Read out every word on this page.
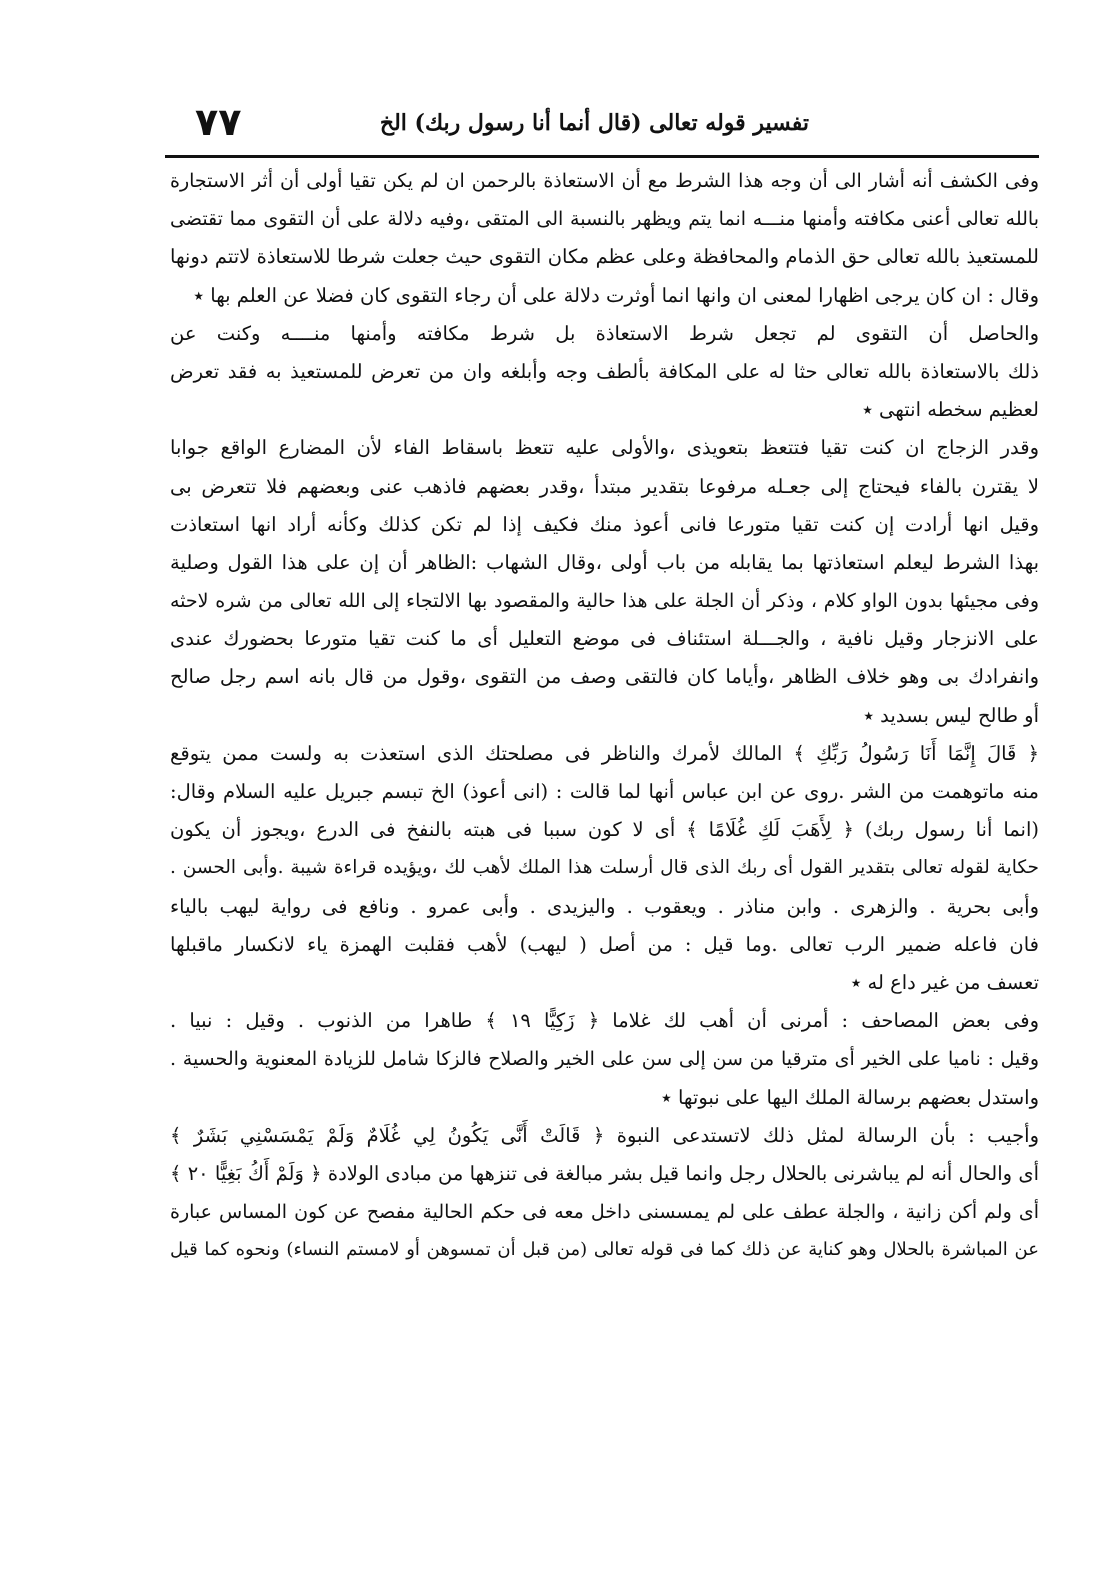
تفسير قوله تعالى (قال أنما أنا رسول ربك) الخ
٧٧
وفى الكشف أنه أشار الى أن وجه هذا الشرط مع أن الاستعاذة بالرحمن ان لم يكن تقيا أولى أن أثر الاستجارة
بالله تعالى أعنى مكافته وأمنها منـــه انما يتم ويظهر بالنسبة الى المتقى ،وفيه دلالة على أن التقوى مما تقتضى
للمستعيذ بالله تعالى حق الذمام والمحافظة وعلى عظم مكان التقوى حيث جعلت شرطا للاستعاذة لاتتم دونها
وقال : ان كان يرجى اظهارا لمعنى ان وانها انما أوثرت دلالة على أن رجاء التقوى كان فضلا عن العلم بها ٭
والحاصل أن التقوى لم تجعل شرط الاستعاذة بل شرط مكافته وأمنها منــــه وكنت عن
ذلك بالاستعاذة بالله تعالى حثا له على المكافة بألطف وجه وأبلغه وان من تعرض للمستعيذ به فقد تعرض
لعظيم سخطه انتهى ٭
وقدر الزجاج ان كنت تقيا فتتعظ بتعويذى ،والأولى عليه تتعظ باسقاط الفاء لأن المضارع الواقع جوابا
لا يقترن بالفاء فيحتاج إلى جعـله مرفوعا بتقدير مبتدأ ،وقدر بعضهم فاذهب عنى وبعضهم فلا تتعرض بى
وقيل انها أرادت إن كنت تقيا متورعا فانى أعوذ منك فكيف إذا لم تكن كذلك وكأنه أراد انها استعاذت
بهذا الشرط ليعلم استعاذتها بما يقابله من باب أولى ،وقال الشهاب :الظاهر أن إن على هذا القول وصلية
وفى مجيئها بدون الواو كلام ، وذكر أن الجلة على هذا حالية والمقصود بها الالتجاء إلى الله تعالى من شره لاحثه
على الانزجار وقيل نافية ، والجـــلة استئناف فى موضع التعليل أى ما كنت تقيا متورعا بحضورك عندى
وانفرادك بى وهو خلاف الظاهر ،وأياما كان فالتقى وصف من التقوى ،وقول من قال بانه اسم رجل صالح
أو طالح ليس بسديد ٭
﴿ قَالَ إِنَّمَا أَنَا رَسُولُ رَبِّكِ ﴾ المالك لأمرك والناظر فى مصلحتك الذى استعذت به ولست ممن يتوقع
منه ماتوهمت من الشر .روى عن ابن عباس أنها لما قالت : (انى أعوذ) الخ تبسم جبريل عليه السلام وقال:
(انما أنا رسول ربك) ﴿ لِأَهَبَ لَكِ غُلَامًا ﴾ أى لا كون سببا فى هبته بالنفخ فى الدرع ،ويجوز أن يكون
حكاية لقوله تعالى بتقدير القول أى ربك الذى قال أرسلت هذا الملك لأهب لك ،ويؤيده قراءة شيبة .وأبى الحسن .
وأبى بحرية . والزهرى . وابن مناذر . ويعقوب . واليزيدى . وأبى عمرو . ونافع فى رواية ليهب بالياء
فان فاعله ضمير الرب تعالى .وما قيل : من أصل ( ليهب) لأهب فقلبت الهمزة ياء لانكسار ماقبلها
تعسف من غير داع له ٭
وفى بعض المصاحف : أمرنى أن أهب لك غلاما ﴿ زَكِيًّا ١٩ ﴾ طاهرا من الذنوب . وقيل : نبيا .
وقيل : ناميا على الخير أى مترقيا من سن إلى سن على الخير والصلاح فالزكا شامل للزيادة المعنوية والحسية .
واستدل بعضهم برسالة الملك اليها على نبوتها ٭
وأجيب : بأن الرسالة لمثل ذلك لاتستدعى النبوة ﴿ قَالَتْ أَنَّى يَكُونُ لِي غُلَامٌ وَلَمْ يَمْسَسْنِي بَشَرٌ ﴾
أى والحال أنه لم يباشرنى بالحلال رجل وانما قيل بشر مبالغة فى تنزهها من مبادى الولادة ﴿ وَلَمْ أَكُ بَغِيًّا ٢٠ ﴾
أى ولم أكن زانية ، والجلة عطف على لم يمسسنى داخل معه فى حكم الحالية مفصح عن كون المساس عبارة
عن المباشرة بالحلال وهو كناية عن ذلك كما فى قوله تعالى (من قبل أن تمسوهن أو لامستم النساء) ونحوه كما قيل
